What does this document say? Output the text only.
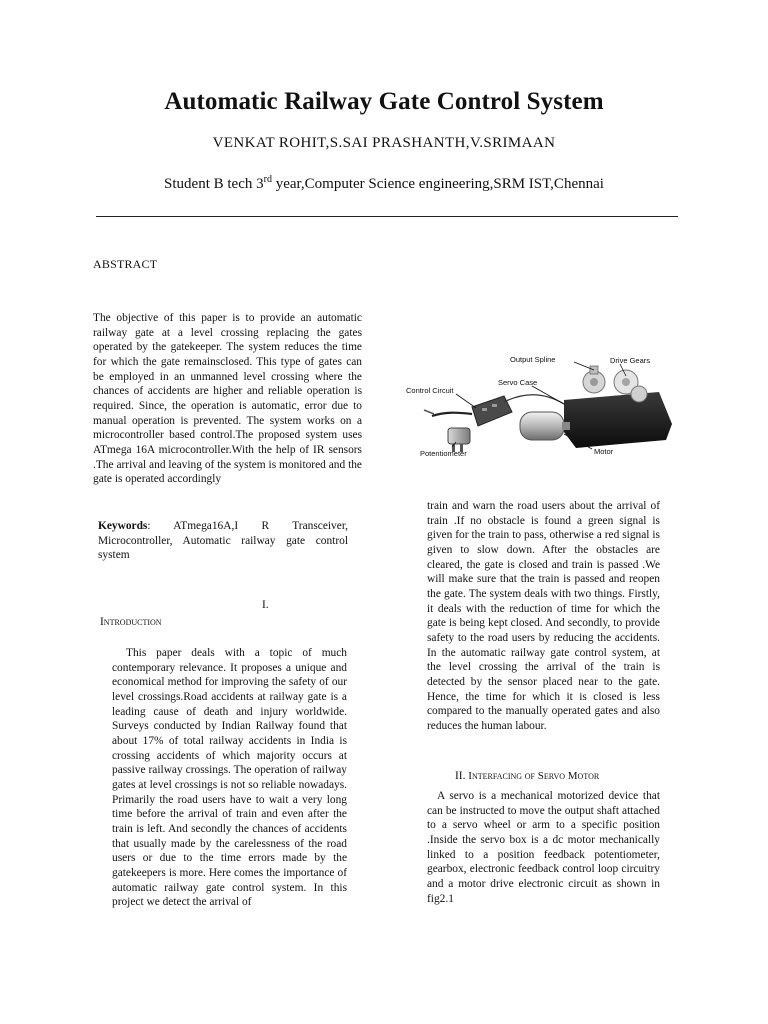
Automatic Railway Gate Control System
VENKAT ROHIT,S.SAI PRASHANTH,V.SRIMAAN
Student B tech 3rd year,Computer Science engineering,SRM IST,Chennai
ABSTRACT
The objective of this paper is to provide an automatic railway gate at a level crossing replacing the gates operated by the gatekeeper. The system reduces the time for which the gate remainsclosed. This type of gates can be employed in an unmanned level crossing where the chances of accidents are higher and reliable operation is required. Since, the operation is automatic, error due to manual operation is prevented. The system works on a microcontroller based control.The proposed system uses ATmega 16A microcontroller.With the help of IR sensors .The arrival and leaving of the system is monitored and the gate is operated accordingly
Keywords: ATmega16A,I R Transceiver, Microcontroller, Automatic railway gate control system
I.
Introduction
This paper deals with a topic of much contemporary relevance. It proposes a unique and economical method for improving the safety of our level crossings.Road accidents at railway gate is a leading cause of death and injury worldwide. Surveys conducted by Indian Railway found that about 17% of total railway accidents in India is crossing accidents of which majority occurs at passive railway crossings. The operation of railway gates at level crossings is not so reliable nowadays. Primarily the road users have to wait a very long time before the arrival of train and even after the train is left. And secondly the chances of accidents that usually made by the carelessness of the road users or due to the time errors made by the gatekeepers is more. Here comes the importance of automatic railway gate control system. In this project we detect the arrival of
Output Spline	Drive Gears
Servo Case
Control Circuit
Potentiometer	Motor
train and warn the road users about the arrival of train .If no obstacle is found a green signal is given for the train to pass, otherwise a red signal is given to slow down. After the obstacles are cleared, the gate is closed and train is passed .We will make sure that the train is passed and reopen the gate. The system deals with two things. Firstly, it deals with the reduction of time for which the gate is being kept closed. And secondly, to provide safety to the road users by reducing the accidents. In the automatic railway gate control system, at the level crossing the arrival of the train is detected by the sensor placed near to the gate. Hence, the time for which it is closed is less compared to the manually operated gates and also reduces the human labour.
II. Interfacing of Servo Motor
A servo is a mechanical motorized device that can be instructed to move the output shaft attached to a servo wheel or arm to a specific position .Inside the servo box is a dc motor mechanically linked to a position feedback potentiometer, gearbox, electronic feedback control loop circuitry and a motor drive electronic circuit as shown in fig2.1
